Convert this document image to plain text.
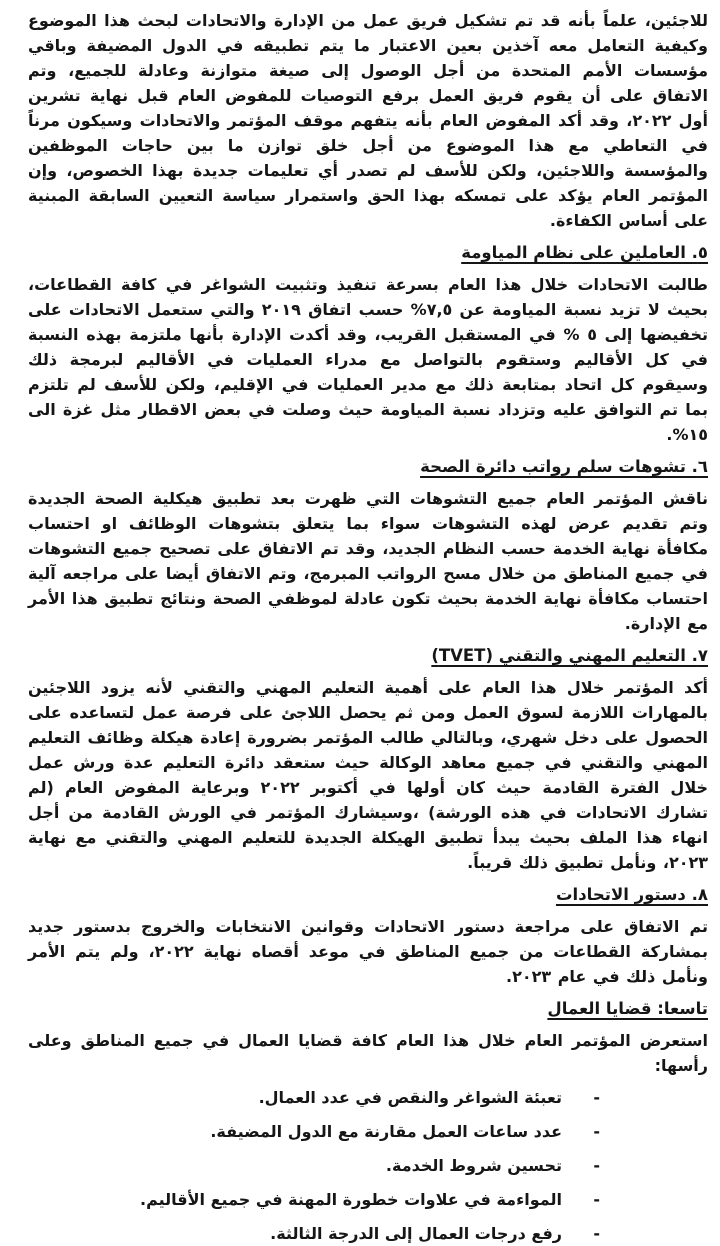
للاجئين، علماً بأنه قد تم تشكيل فريق عمل من الإدارة والاتحادات لبحث هذا الموضوع وكيفية التعامل معه آخذين بعين الاعتبار ما يتم تطبيقه في الدول المضيفة وباقي مؤسسات الأمم المتحدة من أجل الوصول إلى صيغة متوازنة وعادلة للجميع، وتم الاتفاق على أن يقوم فريق العمل برفع التوصيات للمفوض العام قبل نهاية تشرين أول ٢٠٢٢، وقد أكد المفوض العام بأنه يتفهم موقف المؤتمر والاتحادات وسيكون مرناً في التعاطي مع هذا الموضوع من أجل خلق توازن ما بين حاجات الموظفين والمؤسسة واللاجئين، ولكن للأسف لم تصدر أي تعليمات جديدة بهذا الخصوص، وإن المؤتمر العام يؤكد على تمسكه بهذا الحق واستمرار سياسة التعيين السابقة المبنية على أساس الكفاءة.

٥. العاملين على نظام المياومة

طالبت الاتحادات خلال هذا العام بسرعة تنفيذ وتثبيت الشواغر في كافة القطاعات، بحيث لا تزيد نسبة المياومة عن ٧,٥% حسب اتفاق ٢٠١٩ والتي ستعمل الاتحادات على تخفيضها إلى ٥ % في المستقبل القريب، وقد أكدت الإدارة بأنها ملتزمة بهذه النسبة في كل الأقاليم وستقوم بالتواصل مع مدراء العمليات في الأقاليم لبرمجة ذلك وسيقوم كل اتحاد بمتابعة ذلك مع مدير العمليات في الإقليم، ولكن للأسف لم تلتزم بما تم التوافق عليه وتزداد نسبة المياومة حيث وصلت في بعض الاقطار مثل غزة الى ١٥%.

٦. تشوهات سلم رواتب دائرة الصحة

ناقش المؤتمر العام جميع التشوهات التي ظهرت بعد تطبيق هيكلية الصحة الجديدة وتم تقديم عرض لهذه التشوهات سواء بما يتعلق بتشوهات الوظائف او احتساب مكافأة نهاية الخدمة حسب النظام الجديد، وقد تم الاتفاق على تصحيح جميع التشوهات في جميع المناطق من خلال مسح الرواتب المبرمج، وتم الاتفاق أيضا على مراجعه آلية احتساب مكافأة نهاية الخدمة بحيث تكون عادلة لموظفي الصحة ونتائج تطبيق هذا الأمر مع الإدارة.

٧. التعليم المهني والتقني (TVET)

أكد المؤتمر خلال هذا العام على أهمية التعليم المهني والتقني لأنه يزود اللاجئين بالمهارات اللازمة لسوق العمل ومن ثم يحصل اللاجئ على فرصة عمل لتساعده على الحصول على دخل شهري، وبالتالي طالب المؤتمر بضرورة إعادة هيكلة وظائف التعليم المهني والتقني في جميع معاهد الوكالة حيث ستعقد دائرة التعليم عدة ورش عمل خلال الفترة القادمة حيث كان أولها في أكتوبر ٢٠٢٢ وبرعاية المفوض العام (لم تشارك الاتحادات في هذه الورشة) ،وسيشارك المؤتمر في الورش القادمة من أجل انهاء هذا الملف بحيث يبدأ تطبيق الهيكلة الجديدة للتعليم المهني والتقني مع نهاية ٢٠٢٣، ونأمل تطبيق ذلك قريباً.

٨. دستور الاتحادات

تم الاتفاق على مراجعة دستور الاتحادات وقوانين الانتخابات والخروج بدستور جديد بمشاركة القطاعات من جميع المناطق في موعد أقصاه نهاية ٢٠٢٢، ولم يتم الأمر ونأمل ذلك في عام ٢٠٢٣.

تاسعا: قضايا العمال

استعرض المؤتمر العام خلال هذا العام كافة قضايا العمال في جميع المناطق وعلى رأسها:

-
تعبئة الشواغر والنقص في عدد العمال.
-
عدد ساعات العمل مقارنة مع الدول المضيفة.
-
تحسين شروط الخدمة.
-
المواءمة في علاوات خطورة المهنة في جميع الأقاليم.
-
رفع درجات العمال إلى الدرجة الثالثة.
